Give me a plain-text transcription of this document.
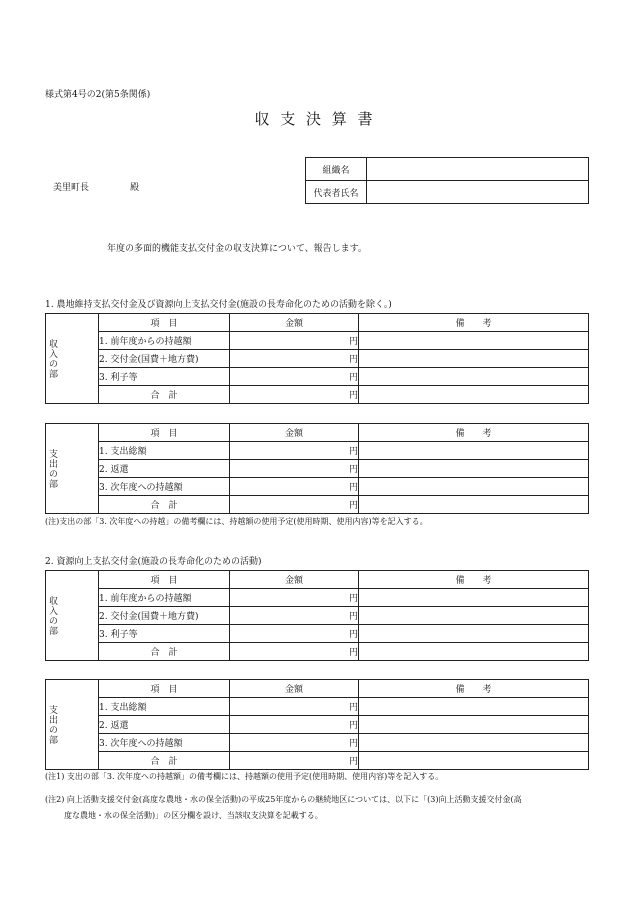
様式第4号の2(第5条関係)
収 支 決 算 書
組織名	
代表者氏名	
美里町長	殿
年度の多面的機能支払交付金の収支決算について、報告します。
1. 農地維持支払交付金及び資源向上支払交付金(施設の長寿命化のための活動を除く。)
収入の部	項　目	金額	備　　考
	1. 前年度からの持越額	円	
	2. 交付金(国費＋地方費)	円	
	3. 利子等	円	
	合　計	円	
支出の部	項　目	金額	備　　考
	1. 支出総額	円	
	2. 返還	円	
	3. 次年度への持越額	円	
	合　計	円	
(注)支出の部「3. 次年度への持越」の備考欄には、持越額の使用予定(使用時期、使用内容)等を記入する。
2. 資源向上支払交付金(施設の長寿命化のための活動)
収入の部	項　目	金額	備　　考
	1. 前年度からの持越額	円	
	2. 交付金(国費＋地方費)	円	
	3. 利子等	円	
	合　計	円	
支出の部	項　目	金額	備　　考
	1. 支出総額	円	
	2. 返還	円	
	3. 次年度への持越額	円	
	合　計	円	
(注1) 支出の部「3. 次年度への持越額」の備考欄には、持越額の使用予定(使用時期、使用内容)等を記入する。
(注2) 向上活動支援交付金(高度な農地・水の保全活動)の平成25年度からの継続地区については、以下に「(3)向上活動支援交付金(高
度な農地・水の保全活動)」の区分欄を設け、当該収支決算を記載する。
